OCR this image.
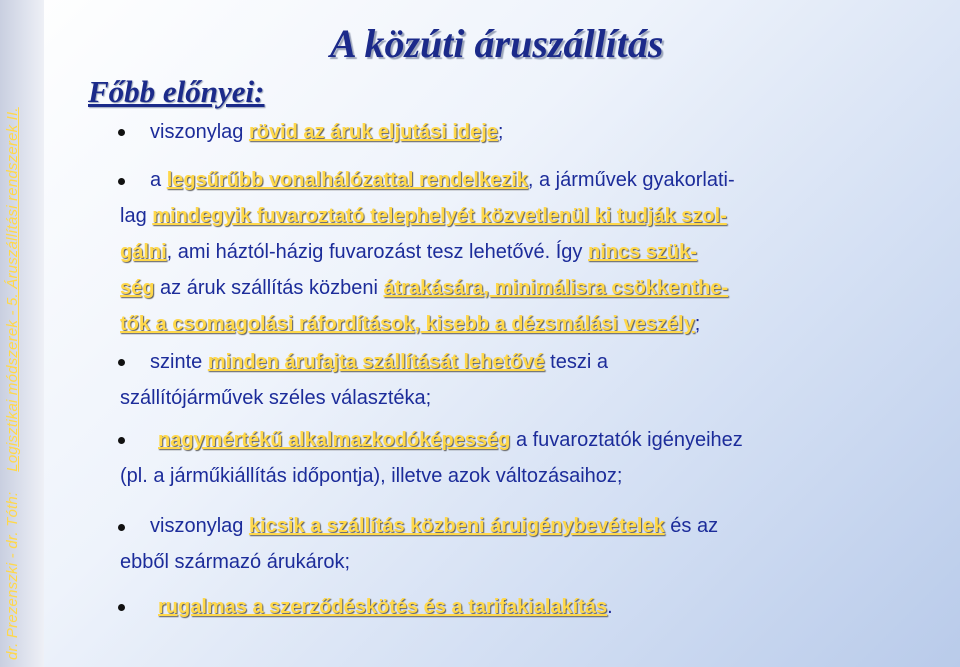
dr. Prezenszki - dr. Tóth:Logisztikai módszerek - 5. Áruszállítási rendszerek II.
A közúti áruszállítás
Főbb előnyei:
viszonylag rövid az áruk eljutási ideje;
a legsűrűbb vonalhálózattal rendelkezik, a járművek gyakorlati-
lag mindegyik fuvaroztató telephelyét közvetlenül ki tudják szol-
gálni, ami háztól-házig fuvarozást tesz lehetővé. Így nincs szük-
ség az áruk szállítás közbeni átrakására, minimálisra csökkenthe-
tők a csomagolási ráfordítások, kisebb a dézsmálási veszély;
szinte minden árufajta szállítását lehetővé teszi a
szállítójárművek széles választéka;
nagymértékű alkalmazkodóképesség a fuvaroztatók igényeihez
(pl. a járműkiállítás időpontja), illetve azok változásaihoz;
viszonylag kicsik a szállítás közbeni áruigénybevételek és az
ebből származó árukárok;
rugalmas a szerződéskötés és a tarifakialakítás.
